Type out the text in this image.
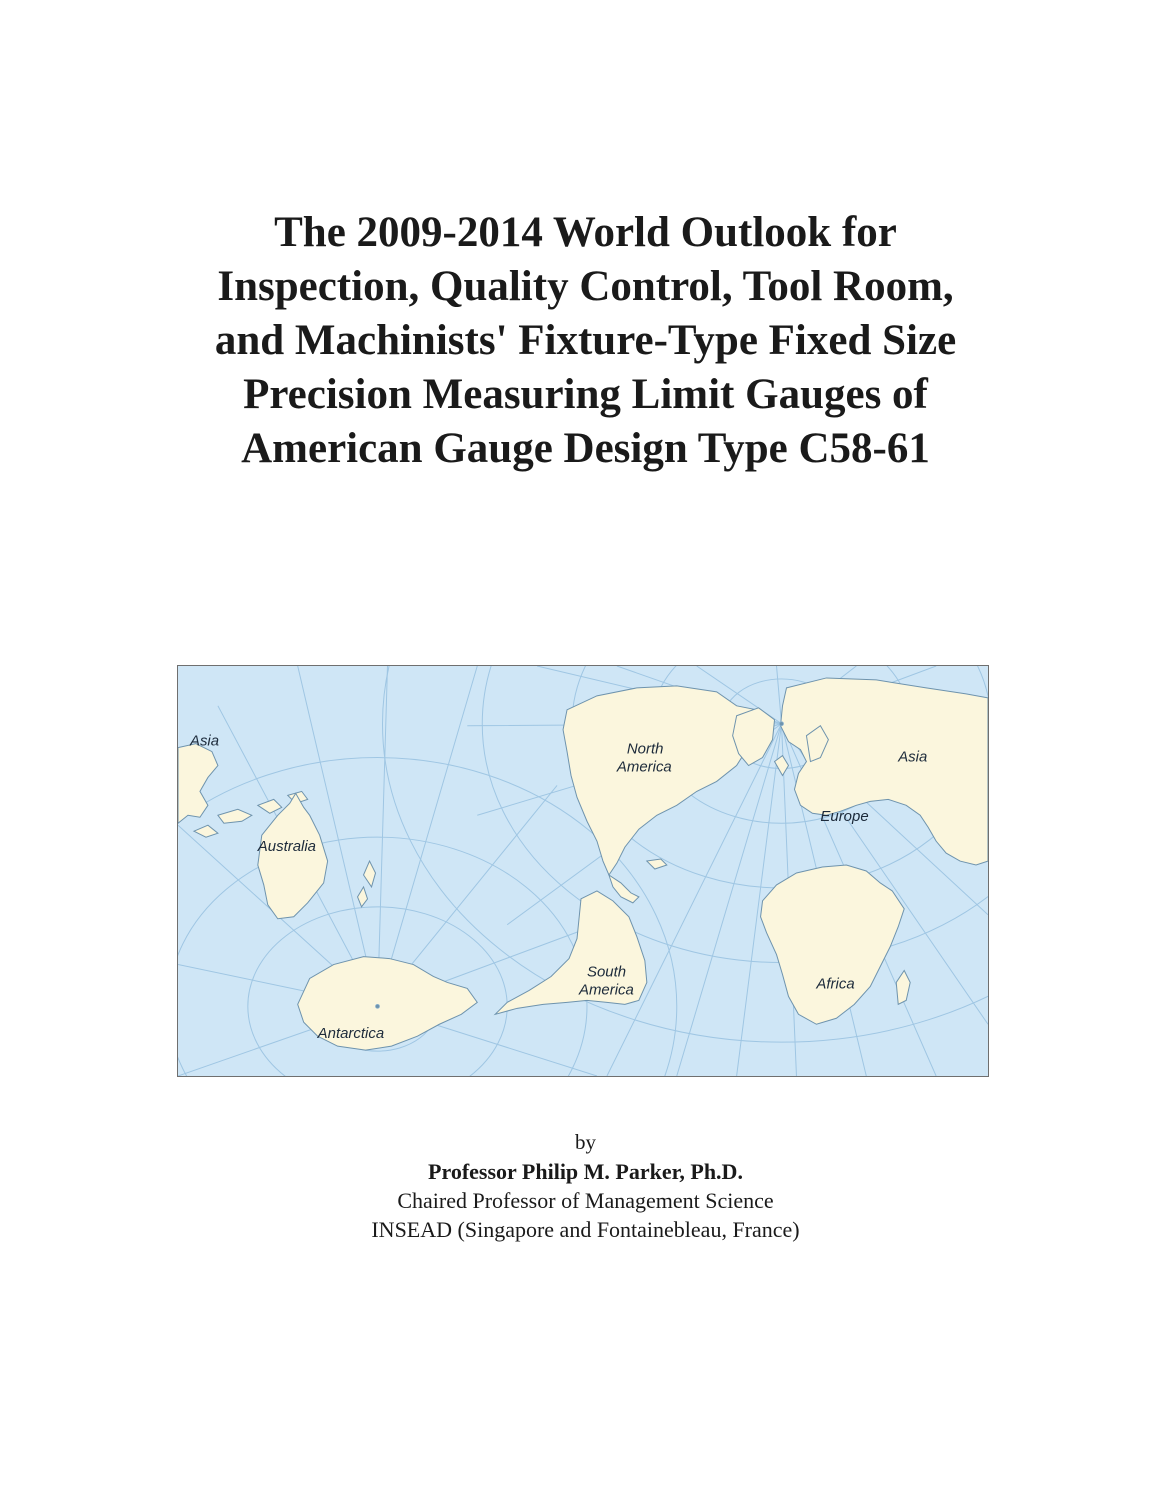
The 2009-2014 World Outlook for
Inspection, Quality Control, Tool Room,
and Machinists' Fixture-Type Fixed Size
Precision Measuring Limit Gauges of
American Gauge Design Type C58-61
Asia
Australia
North
America
Asia
Europe
South
America	Africa
Antarctica
by
Professor Philip M. Parker, Ph.D.
Chaired Professor of Management Science
INSEAD (Singapore and Fontainebleau, France)
